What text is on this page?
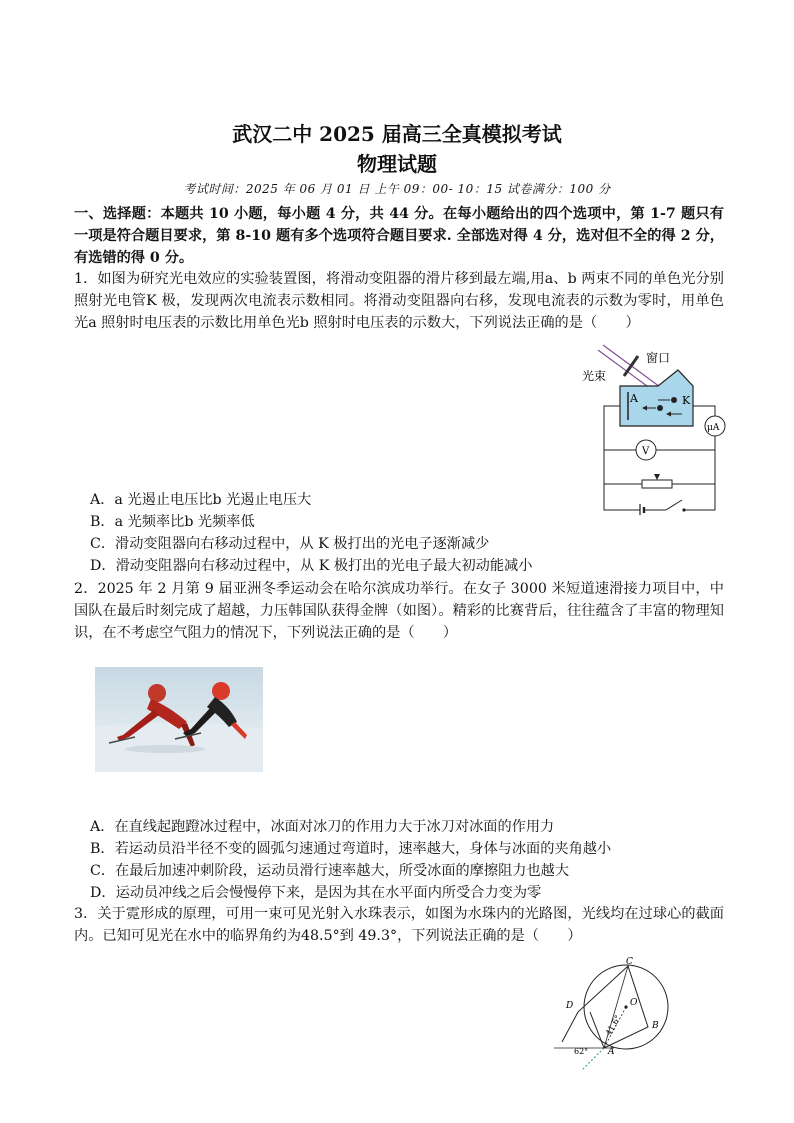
武汉二中 2025 届高三全真模拟考试
物理试题
考试时间：2025 年 06 月 01 日 上午 09：00- 10：15 试卷满分：100 分
一、选择题：本题共 10 小题，每小题 4 分，共 44 分。在每小题给出的四个选项中，第 1-7 题只有一项是符合题目要求，第 8-10 题有多个选项符合题目要求. 全部选对得 4 分，选对但不全的得 2 分，有选错的得 0 分。
1．如图为研究光电效应的实验装置图，将滑动变阻器的滑片移到最左端,用a、b 两束不同的单色光分别照射光电管K 极，发现两次电流表示数相同。将滑动变阻器向右移，发现电流表的示数为零时，用单色光a 照射时电压表的示数比用单色光b 照射时电压表的示数大，下列说法正确的是（　　）
窗口
光束
A	K
μA
V
A．a 光遏止电压比b 光遏止电压大
B．a 光频率比b 光频率低
C．滑动变阻器向右移动过程中，从 K 极打出的光电子逐渐减少
D．滑动变阻器向右移动过程中，从 K 极打出的光电子最大初动能减小
2．2025 年 2 月第 9 届亚洲冬季运动会在哈尔滨成功举行。在女子 3000 米短道速滑接力项目中，中国队在最后时刻完成了超越，力压韩国队获得金牌（如图）。精彩的比赛背后，往往蕴含了丰富的物理知识，在不考虑空气阻力的情况下，下列说法正确的是（　　）
A．在直线起跑蹬冰过程中，冰面对冰刀的作用力大于冰刀对冰面的作用力
B．若运动员沿半径不变的圆弧匀速通过弯道时，速率越大，身体与冰面的夹角越小
C．在最后加速冲刺阶段，运动员滑行速率越大，所受冰面的摩擦阻力也越大
D．运动员冲线之后会慢慢停下来，是因为其在水平面内所受合力变为零
3．关于霓形成的原理，可用一束可见光射入水珠表示，如图为水珠内的光路图，光线均在过球心的截面内。已知可见光在水中的临界角约为48.5°到 49.3°，下列说法正确的是（　　）
O
C
D
B
A
41.6°
62°
